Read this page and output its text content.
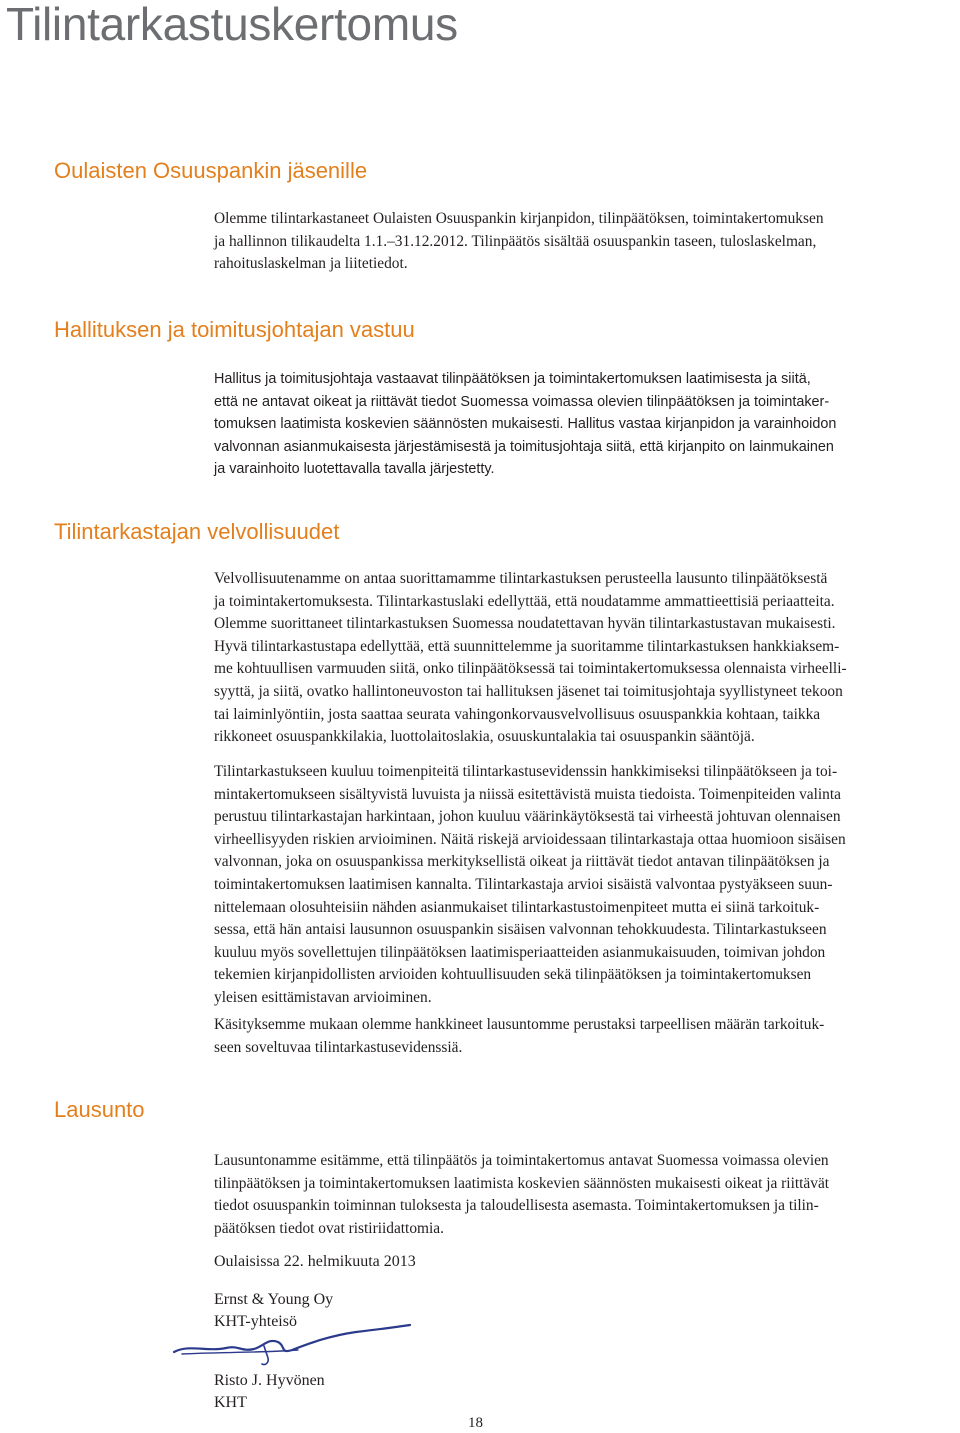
Tilintarkastuskertomus
Oulaisten Osuuspankin jäsenille
Olemme tilintarkastaneet Oulaisten Osuuspankin kirjanpidon, tilinpäätöksen, toimintakertomuksen
ja hallinnon tilikaudelta 1.1.–31.12.2012. Tilinpäätös sisältää osuuspankin taseen, tuloslaskelman,
rahoituslaskelman ja liitetiedot.
Hallituksen ja toimitusjohtajan vastuu
Hallitus ja toimitusjohtaja vastaavat tilinpäätöksen ja toimintakertomuksen laatimisesta ja siitä,
että ne antavat oikeat ja riittävät tiedot Suomessa voimassa olevien tilinpäätöksen ja toimintaker-
tomuksen laatimista koskevien säännösten mukaisesti. Hallitus vastaa kirjanpidon ja varainhoidon
valvonnan asianmukaisesta järjestämisestä ja toimitusjohtaja siitä, että kirjanpito on lainmukainen
ja varainhoito luotettavalla tavalla järjestetty.
Tilintarkastajan velvollisuudet
Velvollisuutenamme on antaa suorittamamme tilintarkastuksen perusteella lausunto tilinpäätöksestä
ja toimintakertomuksesta. Tilintarkastuslaki edellyttää, että noudatamme ammattieettisiä periaatteita.
Olemme suorittaneet tilintarkastuksen Suomessa noudatettavan hyvän tilintarkastustavan mukaisesti.
Hyvä tilintarkastustapa edellyttää, että suunnittelemme ja suoritamme tilintarkastuksen hankkiaksem-
me kohtuullisen varmuuden siitä, onko tilinpäätöksessä tai toimintakertomuksessa olennaista virheelli-
syyttä, ja siitä, ovatko hallintoneuvoston tai hallituksen jäsenet tai toimitusjohtaja syyllistyneet tekoon
tai laiminlyöntiin, josta saattaa seurata vahingonkorvausvelvollisuus osuuspankkia kohtaan, taikka
rikkoneet osuuspankkilakia, luottolaitoslakia, osuuskuntalakia tai osuuspankin sääntöjä.
Tilintarkastukseen kuuluu toimenpiteitä tilintarkastusevidenssin hankkimiseksi tilinpäätökseen ja toi-
mintakertomukseen sisältyvistä luvuista ja niissä esitettävistä muista tiedoista. Toimenpiteiden valinta
perustuu tilintarkastajan harkintaan, johon kuuluu väärinkäytöksestä tai virheestä johtuvan olennaisen
virheellisyyden riskien arvioiminen. Näitä riskejä arvioidessaan tilintarkastaja ottaa huomioon sisäisen
valvonnan, joka on osuuspankissa merkityksellistä oikeat ja riittävät tiedot antavan tilinpäätöksen ja
toimintakertomuksen laatimisen kannalta. Tilintarkastaja arvioi sisäistä valvontaa pystyäkseen suun-
nittelemaan olosuhteisiin nähden asianmukaiset tilintarkastustoimenpiteet mutta ei siinä tarkoituk-
sessa, että hän antaisi lausunnon osuuspankin sisäisen valvonnan tehokkuudesta. Tilintarkastukseen
kuuluu myös sovellettujen tilinpäätöksen laatimisperiaatteiden asianmukaisuuden, toimivan johdon
tekemien kirjanpidollisten arvioiden kohtuullisuuden sekä tilinpäätöksen ja toimintakertomuksen
yleisen esittämistavan arvioiminen.
Käsityksemme mukaan olemme hankkineet lausuntomme perustaksi tarpeellisen määrän tarkoituk-
seen soveltuvaa tilintarkastusevidenssiä.
Lausunto
Lausuntonamme esitämme, että tilinpäätös ja toimintakertomus antavat Suomessa voimassa olevien
tilinpäätöksen ja toimintakertomuksen laatimista koskevien säännösten mukaisesti oikeat ja riittävät
tiedot osuuspankin toiminnan tuloksesta ja taloudellisesta asemasta. Toimintakertomuksen ja tilin-
päätöksen tiedot ovat ristiriidattomia.
Oulaisissa 22. helmikuuta 2013
Ernst & Young Oy
KHT-yhteisö
Risto J. Hyvönen
KHT

18
